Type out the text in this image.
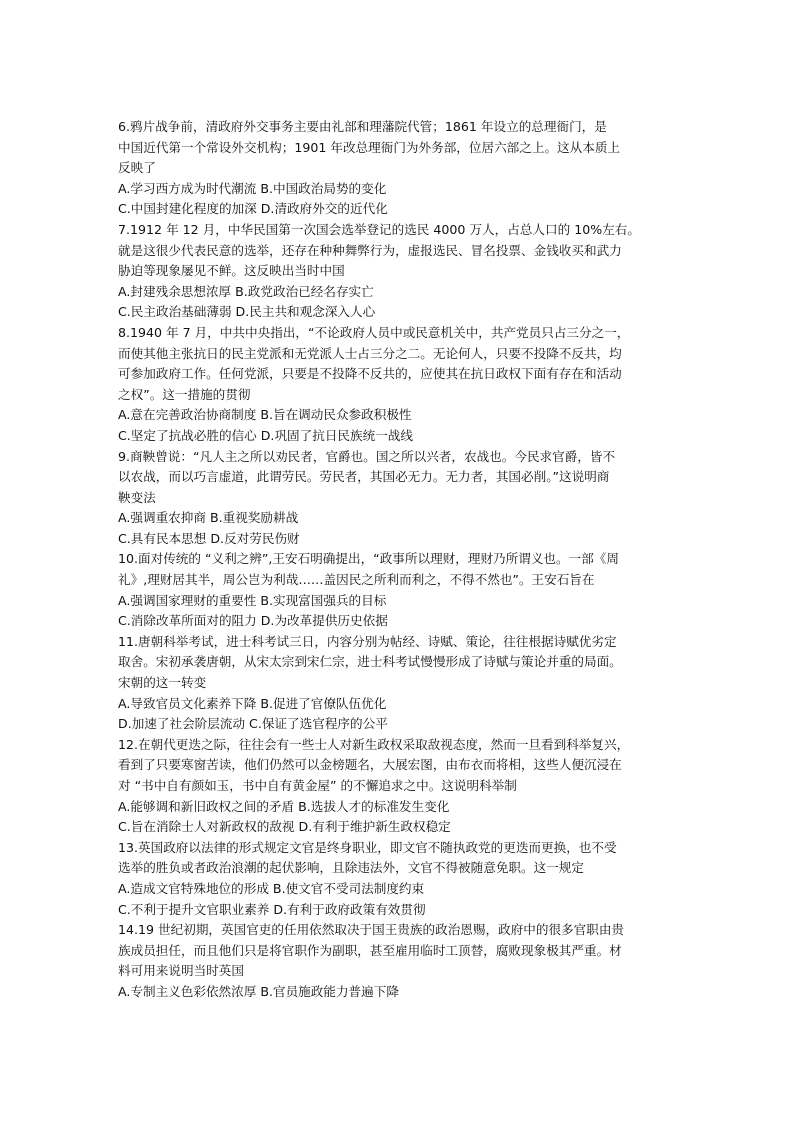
6.鸦片战争前，清政府外交事务主要由礼部和理藩院代管；1861 年设立的总理衙门，是
中国近代第一个常设外交机构；1901 年改总理衙门为外务部，位居六部之上。这从本质上
反映了
A.学习西方成为时代潮流 B.中国政治局势的变化
C.中国封建化程度的加深 D.清政府外交的近代化
7.1912 年 12 月，中华民国第一次国会选举登记的选民 4000 万人，占总人口的 10%左右。
就是这很少代表民意的选举，还存在种种舞弊行为，虚报选民、冒名投票、金钱收买和武力
胁迫等现象屡见不鲜。这反映出当时中国
A.封建残余思想浓厚 B.政党政治已经名存实亡
C.民主政治基础薄弱 D.民主共和观念深入人心
8.1940 年 7 月，中共中央指出，“不论政府人员中或民意机关中，共产党员只占三分之一，
而使其他主张抗日的民主党派和无党派人士占三分之二。无论何人，只要不投降不反共，均
可参加政府工作。任何党派，只要是不投降不反共的，应使其在抗日政权下面有存在和活动
之权”。这一措施的贯彻
A.意在完善政治协商制度 B.旨在调动民众参政积极性
C.坚定了抗战必胜的信心 D.巩固了抗日民族统一战线
9.商鞅曾说：“凡人主之所以劝民者，官爵也。国之所以兴者，农战也。今民求官爵，皆不
以农战，而以巧言虚道，此谓劳民。劳民者，其国必无力。无力者，其国必削。”这说明商
鞅变法
A.强调重农抑商 B.重视奖励耕战
C.具有民本思想 D.反对劳民伤财
10.面对传统的 “义利之辨”,王安石明确提出，“政事所以理财，理财乃所谓义也。一部《周
礼》,理财居其半，周公岂为利哉……盖因民之所利而利之，不得不然也”。王安石旨在
A.强调国家理财的重要性 B.实现富国强兵的目标
C.消除改革所面对的阻力 D.为改革提供历史依据
11.唐朝科举考试，进士科考试三日，内容分别为帖经、诗赋、策论，往往根据诗赋优劣定
取舍。宋初承袭唐朝，从宋太宗到宋仁宗，进士科考试慢慢形成了诗赋与策论并重的局面。
宋朝的这一转变
A.导致官员文化素养下降 B.促进了官僚队伍优化
D.加速了社会阶层流动 C.保证了选官程序的公平
12.在朝代更迭之际，往往会有一些士人对新生政权采取敌视态度，然而一旦看到科举复兴，
看到了只要寒窗苦读，他们仍然可以金榜题名，大展宏图，由布衣而将相，这些人便沉浸在
对 “书中自有颜如玉，书中自有黄金屋” 的不懈追求之中。这说明科举制
A.能够调和新旧政权之间的矛盾 B.选拔人才的标准发生变化
C.旨在消除士人对新政权的敌视 D.有利于维护新生政权稳定
13.英国政府以法律的形式规定文官是终身职业，即文官不随执政党的更迭而更换，也不受
选举的胜负或者政治浪潮的起伏影响，且除违法外，文官不得被随意免职。这一规定
A.造成文官特殊地位的形成 B.使文官不受司法制度约束
C.不利于提升文官职业素养 D.有利于政府政策有效贯彻
14.19 世纪初期，英国官吏的任用依然取决于国王贵族的政治恩赐，政府中的很多官职由贵
族成员担任，而且他们只是将官职作为副职，甚至雇用临时工顶替，腐败现象极其严重。材
料可用来说明当时英国
A.专制主义色彩依然浓厚 B.官员施政能力普遍下降
